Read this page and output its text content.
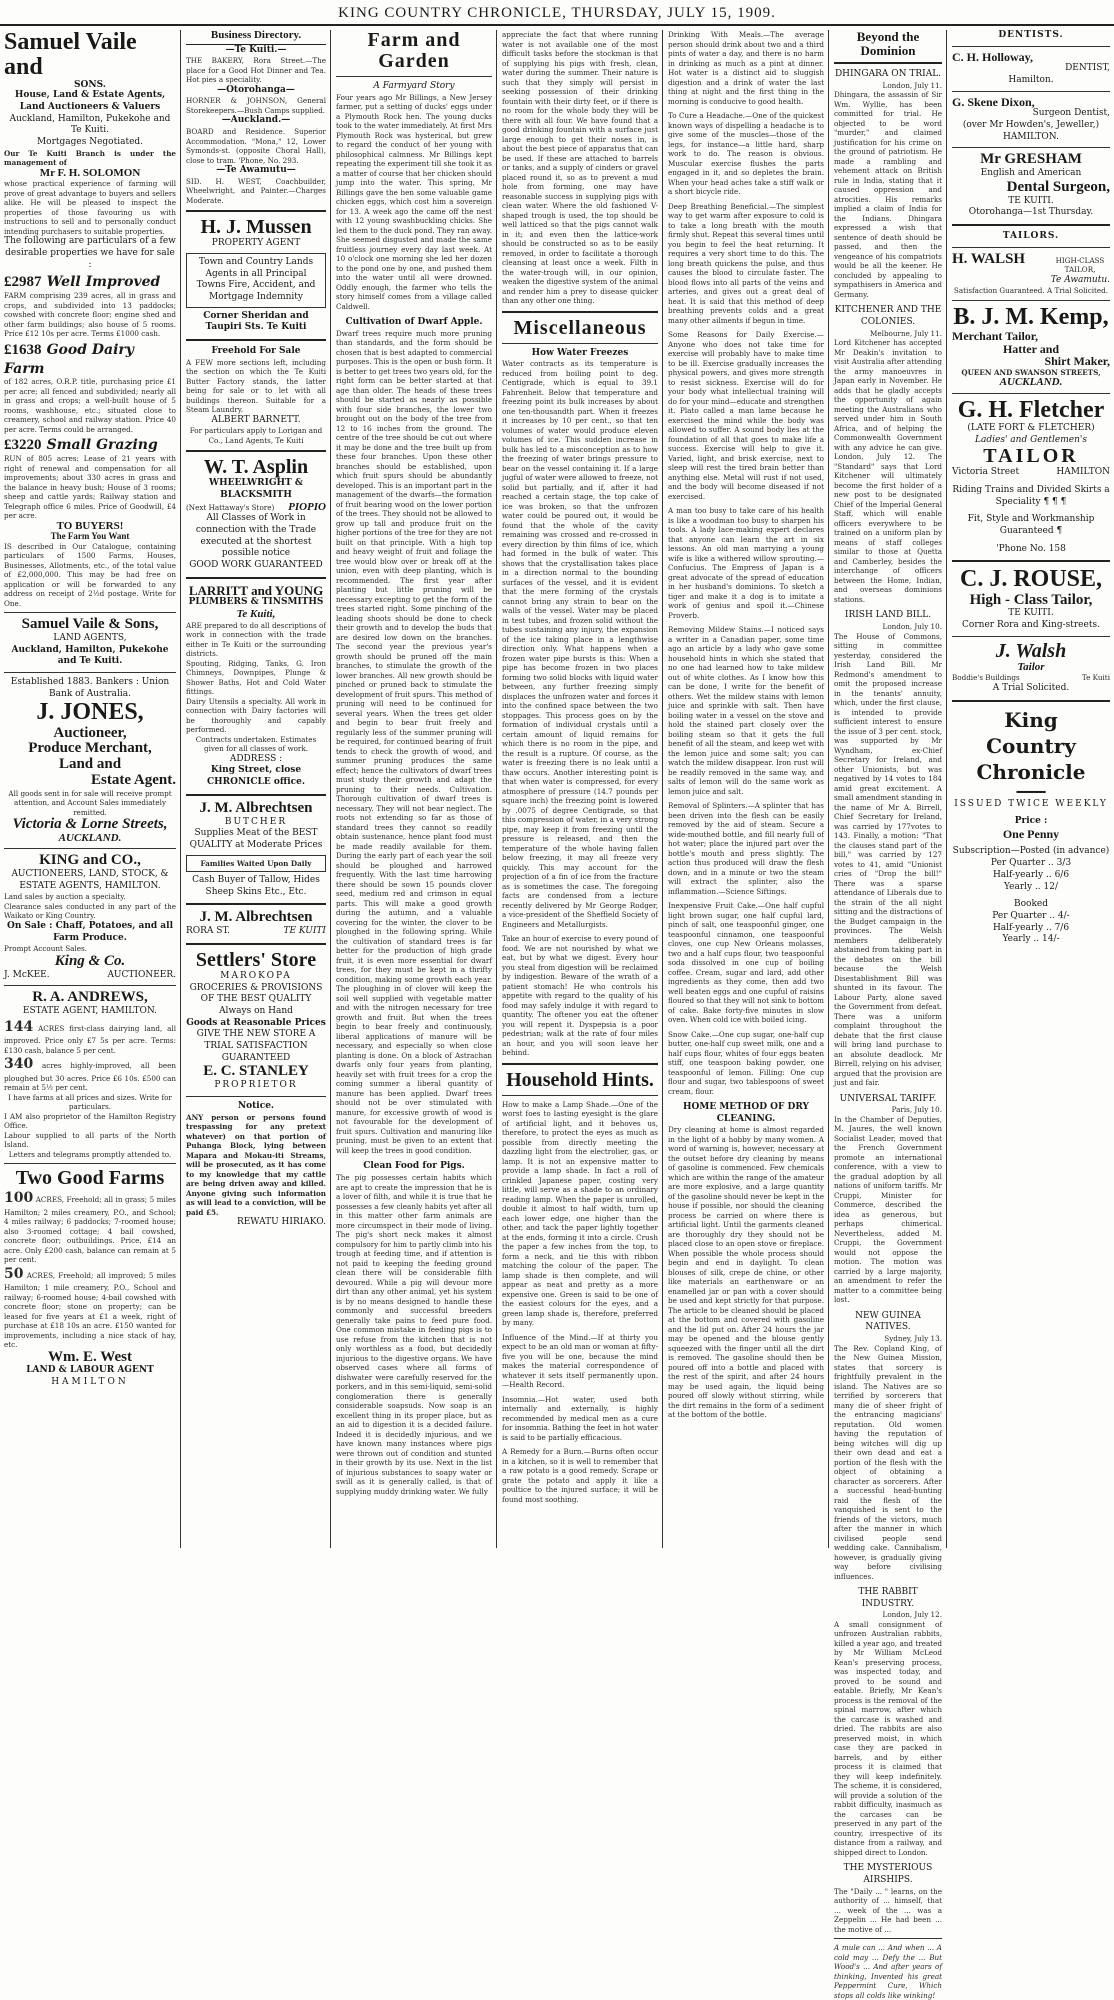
KING COUNTRY CHRONICLE, THURSDAY, JULY 15, 1909.
Samuel Vaile and
SONS.
House, Land & Estate Agents, Land Auctioneers & Valuers
Auckland, Hamilton, Pukekohe and Te Kuiti.
Mortgages Negotiated.
Our Te Kuiti Branch is under the management of
Mr F. H. SOLOMON
whose practical experience of farming will prove of great advantage to buyers and sellers alike. He will be pleased to inspect the properties of those favouring us with instructions to sell and to personally conduct intending purchasers to suitable properties.
The following are particulars of a few desirable properties we have for sale :
£2987 Well Improved
FARM comprising 239 acres, all in grass and crops, and subdivided into 13 paddocks; cowshed with concrete floor; engine shed and other farm buildings; also house of 5 rooms. Price £12 10s per acre. Terms £1000 cash.
£1638 Good Dairy Farm
of 182 acres, O.R.P. title, purchasing price £1 per acre; all fenced and subdivided; nearly all in grass and crops; a well-built house of 5 rooms, washhouse, etc.; situated close to creamery, school and railway station. Price 40 per acre. Terms could be arranged.
£3220 Small Grazing
RUN of 805 acres: Lease of 21 years with right of renewal and compensation for all improvements; about 330 acres in grass and the balance in heavy bush; House of 3 rooms; sheep and cattle yards; Railway station and Telegraph office 6 miles. Price of Goodwill, £4 per acre.
TO BUYERS!
The Farm You Want
IS described in Our Catalogue, containing particulars of 1500 Farms, Houses, Businesses, Allotments, etc., of the total value of £2,000,000. This may be had free on application or will be forwarded to any address on receipt of 2½d postage. Write for One.
Samuel Vaile & Sons,
LAND AGENTS,
Auckland, Hamilton, Pukekohe and Te Kuiti.
Established 1883. Bankers : Union Bank of Australia.
J. JONES,
Auctioneer,
Produce Merchant,
Land and
Estate Agent.
All goods sent in for sale will receive prompt attention, and Account Sales immediately remitted.
Victoria & Lorne Streets,
AUCKLAND.
KING and CO.,
AUCTIONEERS, LAND, STOCK, & ESTATE AGENTS, HAMILTON.
Land sales by auction a specialty.
Clearance sales conducted in any part of the Waikato or King Country.
On Sale : Chaff, Potatoes, and all Farm Produce.
Prompt Account Sales.
King & Co.
J. McKEE.	AUCTIONEER.
R. A. ANDREWS,
ESTATE AGENT, HAMILTON.
144 ACRES first-class dairying land, all improved. Price only £7 5s per acre. Terms: £130 cash, balance 5 per cent.
340 acres highly-improved, all been ploughed but 30 acres. Price £6 10s. £500 can remain at 5½ per cent.
I have farms at all prices and sizes. Write for particulars.
I AM also proprietor of the Hamilton Registry Office.
Labour supplied to all parts of the North Island.
Letters and telegrams promptly attended to.
Two Good Farms
100 ACRES, Freehold; all in grass; 5 miles Hamilton; 2 miles creamery, P.O., and School; 4 miles railway; 6 paddocks; 7-roomed house; also 3-roomed cottage; 4 bail cowshed, concrete floor; outbuildings. Price, £14 an acre. Only £200 cash, balance can remain at 5 per cent.
50 ACRES, Freehold; all improved; 5 miles Hamilton; 1 mile creamery, P.O., School and railway; 6-roomed house; 4-bail cowshed with concrete floor; stone on property; can be leased for five years at £1 a week, right of purchase at £18 10s an acre. £150 wanted for improvements, including a nice stack of hay, etc.
Wm. E. West
LAND & LABOUR AGENT
HAMILTON
Business Directory.
—Te Kuiti.—
THE BAKERY, Rora Street.—The place for a Good Hot Dinner and Tea. Hot pies a speciality.
—Otorohanga—
HORNER & JOHNSON, General Storekeepers.—Bush Camps supplied.
—Auckland.—
BOARD and Residence. Superior Accommodation. "Mona," 12, Lower Symonds-st. (opposite Choral Hall), close to tram. 'Phone, No. 293.
—Te Awamutu—
SID. H. WEST, Coachbuilder, Wheelwright, and Painter.—Charges Moderate.
H. J. Mussen
PROPERTY AGENT
Town and Country Lands Agents in all Principal Towns Fire, Accident, and Mortgage Indemnity
Corner Sheridan and Taupiri Sts. Te Kuiti
Freehold For Sale
A FEW more sections left, including the section on which the Te Kuiti Butter Factory stands, the latter being for sale or to let with all buildings thereon. Suitable for a Steam Laundry.
ALBERT BARNETT.
For particulars apply to Lorigan and Co., Land Agents, Te Kuiti
W. T. Asplin
WHEELWRIGHT & BLACKSMITH
(Next Hattaway's Store) PIOPIO
All Classes of Work in connection with the Trade executed at the shortest possible notice
GOOD WORK GUARANTEED
LARRITT and YOUNG
PLUMBERS & TINSMITHS
Te Kuiti,
ARE prepared to do all descriptions of work in connection with the trade either in Te Kuiti or the surrounding districts.
Spouting, Ridging, Tanks, G. Iron Chimneys, Downpipes, Plunge & Shower Baths, Hot and Cold Water fittings.
Dairy Utensils a specialty. All work in connection with Dairy factories will be thoroughly and capably performed.
Contracts undertaken. Estimates given for all classes of work.
ADDRESS :
King Street, close CHRONICLE office.
J. M. Albrechtsen
BUTCHER
Supplies Meat of the BEST QUALITY at Moderate Prices
Families Waited Upon Daily
Cash Buyer of Tallow, Hides Sheep Skins Etc., Etc.
J. M. Albrechtsen
RORA ST.	TE KUITI
Settlers' Store
MAROKOPA
GROCERIES & PROVISIONS OF THE BEST QUALITY
Always on Hand
Goods at Reasonable Prices
GIVE THE NEW STORE A TRIAL SATISFACTION GUARANTEED
E. C. STANLEY
PROPRIETOR
Notice.
ANY person or persons found trespassing for any pretext whatever) on that portion of Puhanga Block, lying between Mapara and Mokau-iti Streams, will be prosecuted, as it has come to my knowledge that my cattle are being driven away and killed. Anyone giving such information as will lead to a conviction, will be paid £5.
REWATU HIRIAKO.
Farm and Garden
A Farmyard Story
Four years ago Mr Billings, a New Jersey farmer, put a setting of ducks' eggs under a Plymouth Rock hen. The young ducks took to the water immediately. At first Mrs Plymouth Rock was hysterical, but grew to regard the conduct of her young with philosophical calmness. Mr Billings kept repeating the experiment till she took it as a matter of course that her chicken should jump into the water. This spring, Mr Billings gave the hen some valuable game chicken eggs, which cost him a sovereign for 13. A week ago the came off the nest with 12 young swashbuckling chicks. She led them to the duck pond. They ran away. She seemed disgusted and made the same fruitless journey every day last week. At 10 o'clock one morning she led her dozen to the pond one by one, and pushed them into the water until all were drowned. Oddly enough, the farmer who tells the story himself comes from a village called Caldwell.
Cultivation of Dwarf Apple.
Dwarf trees require much more pruning than standards, and the form should be chosen that is best adapted to commercial purposes. This is the open or bush form. It is better to get trees two years old, for the right form can be better started at that age than older. The heads of these trees should be started as nearly as possible with four side branches, the lower two brought out on the body of the tree from 12 to 16 inches from the ground. The centre of the tree should be cut out where it may be done and the tree built up from these four branches. Upon these other branches should be established, upon which fruit spurs should be abundantly developed. This is an important part in the management of the dwarfs—the formation of fruit bearing wood on the lower portion of the trees. They should not be allowed to grow up tall and produce fruit on the higher portions of the tree for they are not built on that principle. With a high top and heavy weight of fruit and foliage the tree would blow over or break off at the union, even with deep planting, which is recommended. The first year after planting but little pruning will be necessary excepting to get the form of the trees started right. Some pinching of the leading shoots should be done to check their growth and to develop the buds that are desired low down on the branches. The second year the previous year's growth should be pruned off the main branches, to stimulate the growth of the lower branches. All new growth should be pinched or pruned back to stimulate the development of fruit spurs. This method of pruning will need to be continued for several years. When the trees get older and begin to bear fruit freely and regularly less of the summer pruning will be required, for continued bearing of fruit tends to check the growth of wood, and summer pruning produces the same effect; hence the cultivators of dwarf trees must study their growth and adapt the pruning to their needs. Cultivation. Thorough cultivation of dwarf trees is necessary. They will not bear neglect. The roots not extending so far as those of standard trees they cannot so readily obtain sustenance, hence plant food must be made readily available for them. During the early part of each year the soil should be ploughed and harrowed frequently. With the last time harrowing there should be sown 15 pounds clover seed, medium red and crimson in equal parts. This will make a good growth during the autumn, and a valuable covering for the winter, the clover to be ploughed in the following spring. While the cultivation of standard trees is far better for the production of high grade fruit, it is even more essential for dwarf trees, for they must be kept in a thrifty condition, making some growth each year. The ploughing in of clover will keep the soil well supplied with vegetable matter and with the nitrogen necessary for tree growth and fruit. But when the trees begin to bear freely and continuously, liberal applications of manure will be necessary, and especially so when close planting is done. On a block of Astrachan dwarfs only four years from planting, heavily set with fruit trees for a crop the coming summer a liberal quantity of manure has been applied. Dwarf trees should not be over stimulated with manure, for excessive growth of wood is not favourable for the development of fruit spurs. Cultivation and manuring like pruning, must be given to an extent that will keep the trees in good condition.
Clean Food for Pigs.
The pig possesses certain habits which are apt to create the impression that he is a lover of filth, and while it is true that he possesses a few cleanly habits yet after all in this matter other farm animals are more circumspect in their mode of living. The pig's short neck makes it almost compulsory for him to partly climb into his trough at feeding time, and if attention is not paid to keeping the feeding ground clean there will be considerable filth devoured. While a pig will devour more dirt than any other animal, yet his system is by no means designed to handle these commonly and successful breeders generally take pains to feed pure food. One common mistake in feeding pigs is to use refuse from the kitchen that is not only worthless as a food, but decidedly injurious to the digestive organs. We have observed cases where all forms of dishwater were carefully reserved for the porkers, and in this semi-liquid, semi-solid conglomeration there is generally considerable soapsuds. Now soap is an excellent thing in its proper place, but as an aid to digestion it is a decided failure. Indeed it is decidedly injurious, and we have known many instances where pigs were thrown out of condition and stunted in their growth by its use. Next in the list of injurious substances to soapy water or swill as it is generally called, is that of supplying muddy drinking water. We fully
appreciate the fact that where running water is not available one of the most difficult tasks before the stockman is that of supplying his pigs with fresh, clean, water during the summer. Their nature is such that they simply will persist in seeking possession of their drinking fountain with their dirty feet, or if there is no room for the whole body they will be there with all four. We have found that a good drinking fountain with a surface just large enough to get their noses in, is about the best piece of apparatus that can be used. If these are attached to barrels or tanks, and a supply of cinders or gravel placed round it, so as to prevent a mud hole from forming, one may have reasonable success in supplying pigs with clean water. Where the old fashioned V-shaped trough is used, the top should be well latticed so that the pigs cannot walk in it; and even then the lattice-work should be constructed so as to be easily removed, in order to facilitate a thorough cleansing at least once a week. Filth in the water-trough will, in our opinion, weaken the digestive system of the animal and render him a prey to disease quicker than any other one thing.
Miscellaneous
How Water Freezes
Water contracts as its temperature is reduced from boiling point to deg. Centigrade, which is equal to 39.1 Fahrenheit. Below that temperature and freezing point its bulk increases by about one ten-thousandth part. When it freezes it increases by 10 per cent., so that ten volumes of water would produce eleven volumes of ice. This sudden increase in bulk has led to a misconception as to how the freezing of water brings pressure to bear on the vessel containing it. If a large jugful of water were allowed to freeze, not solid but partially, and if, after it had reached a certain stage, the top cake of ice was broken, so that the unfrozen water could be poured out, it would be found that the whole of the cavity remaining was crossed and re-crossed in every direction by thin films of ice, which had formed in the bulk of water. This shows that the crystallisation takes place in a direction normal to the bounding surfaces of the vessel, and it is evident that the mere forming of the crystals cannot bring any strain to bear on the walls of the vessel. Water may be placed in test tubes, and frozen solid without the tubes sustaining any injury, the expansion of the ice taking place in a lengthwise direction only. What happens when a frozen water pipe bursts is this: When a pipe has become frozen in two places forming two solid blocks with liquid water between, any further freezing simply displaces the unfrozen water and forces it into the confined space between the two stoppages. This process goes on by the formation of individual crystals until a certain amount of liquid remains for which there is no room in the pipe, and the result is a rupture. Of course, as the water is freezing there is no leak until a thaw occurs. Another interesting point is that when water is compressed, for every atmosphere of pressure (14.7 pounds per square inch) the freezing point is lowered by .0075 of degree Centigrade, so that this compression of water, in a very strong pipe, may keep it from freezing until the pressure is released, and then the temperature of the whole having fallen below freezing, it may all freeze very quickly. This may account for the projection of a fin of ice from the fracture as is sometimes the case. The foregoing facts are condensed from a lecture recently delivered by Mr George Rodger, a vice-president of the Sheffield Society of Engineers and Metallurgists.
Take an hour of exercise to every pound of food. We are not nourished by what we eat, but by what we digest. Every hour you steal from digestion will be reclaimed by indigestion. Beware of the wrath of a patient stomach! He who controls his appetite with regard to the quality of his food may safely indulge it with regard to quantity. The oftener you eat the oftener you will repent it. Dyspepsia is a poor pedestrian; walk at the rate of four miles an hour, and you will soon leave her behind.
Household Hints.
How to make a Lamp Shade.—One of the worst foes to lasting eyesight is the glare of artificial light, and it behoves us, therefore, to protect the eyes as much as possible from directly meeting the dazzling light from the electrolier, gas, or lamp. It is not an expensive matter to provide a lamp shade. In fact a roll of crinkled Japanese paper, costing very little, will serve as a shade to an ordinary reading lamp. When the paper is unrolled, double it almost to half width, turn up each lower edge, one higher than the other, and tack the paper lightly together at the ends, forming it into a circle. Crush the paper a few inches from the top, to form a neck, and tie this with ribbon matching the colour of the paper. The lamp shade is then complete, and will appear as neat and pretty as a more expensive one. Green is said to be one of the easiest colours for the eyes, and a green lamp shade is, therefore, preferred by many.
Influence of the Mind.—If at thirty you expect to be an old man or woman at fifty-five you will be one, because the mind makes the material correspondence of whatever it sets itself permanently upon.—Health Record.
Insomnia.—Hot water, used both internally and externally, is highly recommended by medical men as a cure for insomnia. Bathing the feet in hot water is said to be partially efficacious.
A Remedy for a Burn.—Burns often occur in a kitchen, so it is well to remember that a raw potato is a good remedy. Scrape or grate the potato and apply it like a poultice to the injured surface; it will be found most soothing.
Drinking With Meals.—The average person should drink about two and a third pints of water a day, and there is no harm in drinking as much as a pint at dinner. Hot water is a distinct aid to sluggish digestion and a drink of water the last thing at night and the first thing in the morning is conducive to good health.
To Cure a Headache.—One of the quickest known ways of dispelling a headache is to give some of the muscles—those of the legs, for instance—a little hard, sharp work to do. The reason is obvious. Muscular exercise flushes the parts engaged in it, and so depletes the brain. When your head aches take a stiff walk or a short bicycle ride.
Deep Breathing Beneficial.—The simplest way to get warm after exposure to cold is to take a long breath with the mouth firmly shut. Repeat this several times until you begin to feel the heat returning. It requires a very short time to do this. The long breath quickens the pulse, and thus causes the blood to circulate faster. The blood flows into all parts of the veins and arteries, and gives out a great deal of heat. It is said that this method of deep breathing prevents colds and a great many other ailments if begun in time.
Some Reasons for Daily Exercise.—Anyone who does not take time for exercise will probably have to make time to be ill. Exercise gradually increases the physical powers, and gives more strength to resist sickness. Exercise will do for your body what intellectual training will do for your mind—educate and strengthen it. Plato called a man lame because he exercised the mind while the body was allowed to suffer. A sound body lies at the foundation of all that goes to make life a success. Exercise will help to give it. Varied, light, and brisk exercise, next to sleep will rest the tired brain better than anything else. Metal will rust if not used, and the body will become diseased if not exercised.
A man too busy to take care of his health is like a woodman too busy to sharpen his tools. A lady lace-making expert declares that anyone can learn the art in six lessons. An old man marrying a young wife is like a withered willow sprouting.—Confucius. The Empress of Japan is a great advocate of the spread of education in her husband's dominions. To sketch a tiger and make it a dog is to imitate a work of genius and spoil it.—Chinese Proverb.
Removing Mildew Stains.—I noticed says a writer in a Canadian paper, some time ago an article by a lady who gave some household hints in which she stated that no one had learned how to take mildew out of white clothes. As I know how this can be done, I write for the benefit of others. Wet the mildew stains with lemon juice and sprinkle with salt. Then have boiling water in a vessel on the stove and hold the stained part closely over the boiling steam so that it gets the full benefit of all the steam, and keep wet with the lemon juice and some salt; you can watch the mildew disappear. Iron rust will be readily removed in the same way, and salts of lemon will do the same work as lemon juice and salt.
Removal of Splinters.—A splinter that has been driven into the flesh can be easily removed by the aid of steam. Secure a wide-mouthed bottle, and fill nearly full of hot water; place the injured part over the bottle's mouth and press slightly. The action thus produced will draw the flesh down, and in a minute or two the steam will extract the splinter, also the inflammation.—Science Siftings.
Inexpensive Fruit Cake.—One half cupful light brown sugar, one half cupful lard, pinch of salt, one teaspoonful ginger, one teaspoonful cinnamon, one teaspoonful cloves, one cup New Orleans molasses, two and a half cups flour, two teaspoonful soda dissolved in one cup of boiling coffee. Cream, sugar and lard, add other ingredients as they come, then add two well beaten eggs and one cupful of raisins floured so that they will not sink to bottom of cake. Bake forty-five minutes in slow oven. When cold ice with boiled icing.
Snow Cake.—One cup sugar, one-half cup butter, one-half cup sweet milk, one and a half cups flour, whites of four eggs beaten stiff, one teaspoon baking powder, one teaspoonful of lemon. Filling: One cup flour and sugar, two tablespoons of sweet cream, flour.
HOME METHOD OF DRY CLEANING.
Dry cleaning at home is almost regarded in the light of a hobby by many women. A word of warning is, however, necessary at the outset before dry cleaning by means of gasoline is commenced. Few chemicals which are within the range of the amateur are more explosive, and a large quantity of the gasoline should never be kept in the house if possible, nor should the cleaning process be carried on where there is artificial light. Until the garments cleaned are thoroughly dry they should not be placed close to an open stove or fireplace. When possible the whole process should begin and end in daylight. To clean blouses of silk, crepe de chine, or other like materials an earthenware or an enamelled jar or pan with a cover should be used and kept strictly for that purpose. The article to be cleaned should be placed at the bottom and covered with gasoline and the lid put on. After 24 hours the jar may be opened and the blouse gently squeezed with the finger until all the dirt is removed. The gasoline should then be poured off into a bottle and placed with the rest of the spirit, and after 24 hours may be used again, the liquid being poured off slowly without stirring, while the dirt remains in the form of a sediment at the bottom of the bottle.
Beyond the Dominion
DHINGARA ON TRIAL.
London, July 11.
Dhingara, the assassin of Sir Wm. Wyllie, has been committed for trial. He objected to be word "murder," and claimed justification for his crime on the ground of patriotism. He made a rambling and vehement attack on British rule in India, stating that it caused oppression and atrocities. His remarks implied a claim of India for the Indians. Dhingara expressed a wish that sentence of death should be passed, and then the vengeance of his compatriots would be all the keener. He concluded by appealing to sympathisers in America and Germany.
KITCHENER AND THE COLONIES.
Melbourne, July 11.
Lord Kitchener has accepted Mr Deakin's invitation to visit Australia after attending the army manoeuvres in Japan early in November. He adds that he gladly accepts the opportunity of again meeting the Australians who served under him in South Africa, and of helping the Commonwealth Government with any advice he can give. London, July 12. The "Standard" says that Lord Kitchener will ultimately become the first holder of a new post to be designated Chief of the Imperial General Staff, which will enable officers everywhere to be trained on a uniform plan by means of staff colleges similar to those at Quetta and Camberley, besides the interchange of officers between the Home, Indian, and overseas dominions stations.
IRISH LAND BILL.
London, July 10.
The House of Commons, sitting in committee yesterday, considered the Irish Land Bill. Mr Redmond's amendment to omit the proposed increase in the tenants' annuity, which, under the first clause, is intended to provide sufficient interest to ensure the issue of 3 per cent. stock, was supported by Mr Wyndham, ex-Chief Secretary for Ireland, and other Unionists, but was negatived by 14 votes to 184 amid great excitement. A small amendment standing in the name of Mr A. Birrell, Chief Secretary for Ireland, was carried by 177votes to 143. Finally, a motion: "That the clauses stand part of the bill," was carried by 127 votes to 41, amid "Unionist cries of "Drop the bill!" There was a sparse attendance of Liberals due to the strain of the all night sitting and the distractions of the Budget campaign in the provinces. The Welsh members deliberately abstained from taking part in the debates on the bill because the Welsh Disestablishment Bill was shunted in its favour. The Labour Party, alone saved the Government from defeat. There was a uniform complaint throughout the debate that the first clause will bring land purchase to an absolute deadlock. Mr Birrell, relying on his adviser, argued that the provision are just and fair.
UNIVERSAL TARIFF.
Paris, July 10.
In the Chamber of Deputies, M. Jaures, the well known Socialist Leader, moved that the French Government promote an international conference, with a view to the gradual adoption by all nations of uniform tariffs. Mr Cruppi, Minister for Commerce, described the idea as generous, but perhaps chimerical. Nevertheless, added M. Cruppi, the Government would not oppose the motion. The motion was carried by a large majority, an amendment to refer the matter to a committee being lost.
NEW GUINEA NATIVES.
Sydney, July 13.
The Rev. Copland King, of the New Guinea Mission, states that sorcery is frightfully prevalent in the island. The Natives are so terrified by sorcerers that many die of sheer fright of the entrancing magicians' reputation. Old women having the reputation of being witches will dig up their own dead and eat a portion of the flesh with the object of obtaining a character as sorcerers. After a successful head-hunting raid the flesh of the vanquished is sent to the friends of the victors, much after the manner in which civilised people send wedding cake. Cannibalism, however, is gradually giving way before civilising influences.
THE RABBIT INDUSTRY.
London, July 12.
A small consignment of unfrozen Australian rabbits, killed a year ago, and treated by Mr William McLeod Kean's preserving process, was inspected today, and proved to be sound and eatable. Briefly, Mr Kean's process is the removal of the spinal marrow, after which the carcase is washed and dried. The rabbits are also preserved moist, in which case they are packed in barrels, and by either process it is claimed that they will keep indefinitely. The scheme, it is considered, will provide a solution of the rabbit difficulty, inasmuch as the carcases can be preserved in any part of the country, irrespective of its distance from a railway, and shipped direct to London.
THE MYSTERIOUS AIRSHIPS.
The "Daily ... " learns, on the authority of ... himself, that ... week of the ... was a Zeppelin ... He had been ... the motive of ...
A mule can ... And when ... A cold may ... Defy the ... But Wood's ... And after years of thinking, Invented his great Peppermint Cure, Which stops all colds like winking!
DENTISTS.
C. H. Holloway,
DENTIST,
Hamilton.
G. Skene Dixon,
Surgeon Dentist,
(over Mr Howden's, Jeweller,)
HAMILTON.
Mr GRESHAM
English and American
Dental Surgeon,
TE KUITI.
Otorohanga—1st Thursday.
TAILORS.
H. WALSH	HIGH-CLASS TAILOR,
Te Awamutu.
Satisfaction Guaranteed. A Trial Solicited.
B. J. M. Kemp,
Merchant Tailor,
Hatter and
Shirt Maker,
QUEEN AND SWANSON STREETS,
AUCKLAND.
G. H. Fletcher
(LATE FORT & FLETCHER)
Ladies' and Gentlemen's
TAILOR
Victoria Street	HAMILTON
Riding Trains and Divided Skirts a Speciality ¶ ¶ ¶
Fit, Style and Workmanship Guaranteed ¶
'Phone No. 158
C. J. ROUSE,
High - Class Tailor,
TE KUITI.
Corner Rora and King-streets.
J. Walsh
Tailor
Boddie's Buildings	Te Kuiti
A Trial Solicited.
King Country Chronicle
━━━━
ISSUED TWICE WEEKLY
Price :
One Penny
Subscription—Posted (in advance)
Per Quarter .. 3/3
Half-yearly .. 6/6
Yearly .. 12/
Booked
Per Quarter .. 4/-
Half-yearly .. 7/6
Yearly .. 14/-
